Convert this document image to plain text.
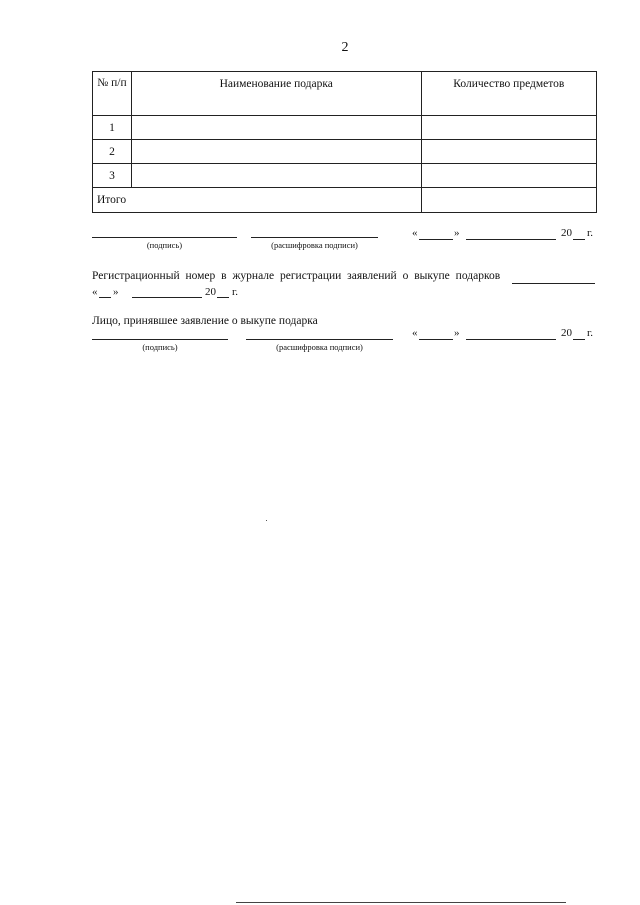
2
№ п/п	Наименование подарка	Количество предметов
1		
2		
3		
Итого		
(подпись)	(расшифровка подписи)
«	»	20 г.
Регистрационный номер в журнале регистрации заявлений о выкупе подарков
« »	20 г.
Лицо, принявшее заявление о выкупе подарка
(подпись)	(расшифровка подписи)
«	»	20 г.
